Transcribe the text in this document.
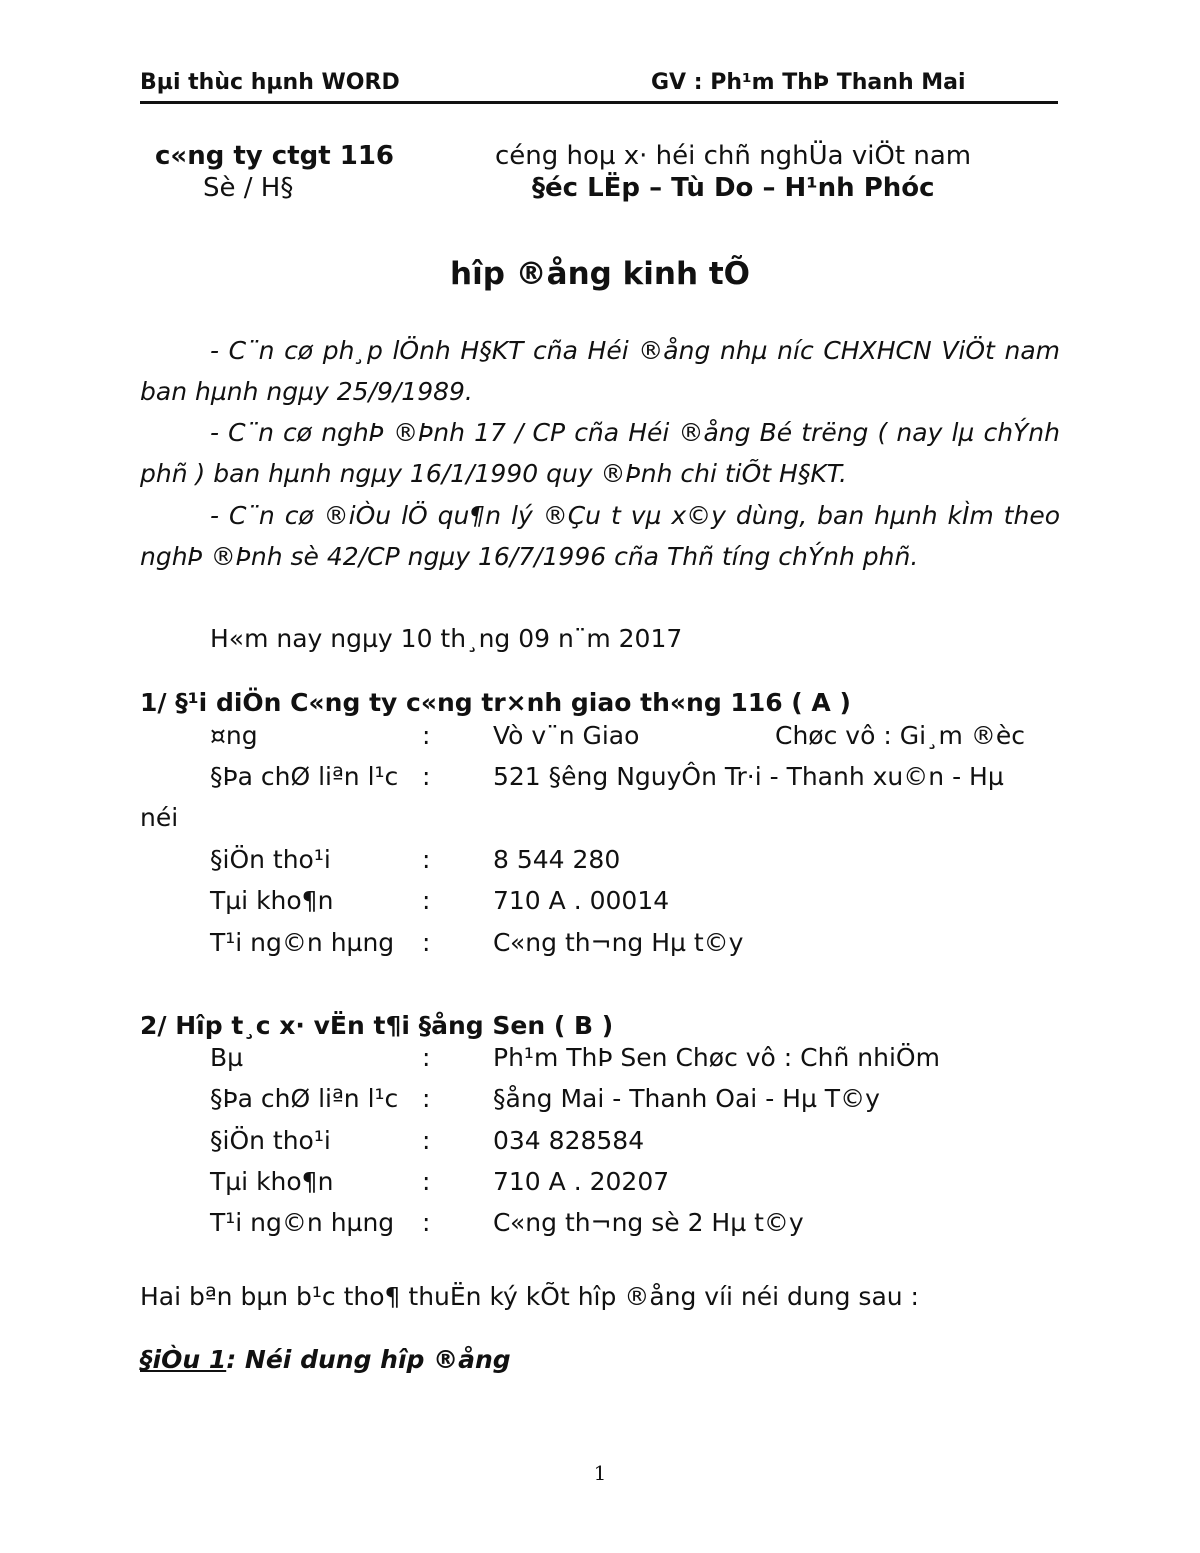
Bµi thùc hµnh WORD	GV : Ph¹m ThÞ Thanh Mai
c«ng ty ctgt 116	céng hoµ x· héi chñ nghÜa viÖt nam
Sè / H§	§éc LËp – Tù Do – H¹nh Phóc
hîp ®ång kinh tÕ
- C¨n cø ph¸p lÖnh H§KT cña Héi ®ång nhµ níc CHXHCN ViÖt nam ban hµnh ngµy 25/9/1989.
- C¨n cø nghÞ ®Þnh 17 / CP cña Héi ®ång Bé trëng ( nay lµ chÝnh phñ ) ban hµnh ngµy 16/1/1990 quy ®Þnh chi tiÕt H§KT.
- C¨n cø ®iÒu lÖ qu¶n lý ®Çu t vµ x©y dùng, ban hµnh kÌm theo nghÞ ®Þnh sè 42/CP ngµy 16/7/1996 cña Thñ tíng chÝnh phñ.
H«m nay ngµy 10 th¸ng 09 n¨m 2017
1/ §¹i diÖn C«ng ty c«ng tr×nh giao th«ng 116 ( A )
¤ng	:	Vò v¨n Giao	Chøc vô : Gi¸m ®èc
§Þa chØ liªn l¹c :	521 §êng NguyÔn Tr·i - Thanh xu©n - Hµ
néi
§iÖn tho¹i	:	8 544 280
Tµi kho¶n	:	710 A . 00014
T¹i ng©n hµng :	C«ng th¬ng Hµ t©y
2/ Hîp t¸c x· vËn t¶i §ång Sen ( B )
Bµ	:	Ph¹m ThÞ Sen Chøc vô : Chñ nhiÖm
§Þa chØ liªn l¹c :	§ång Mai - Thanh Oai - Hµ T©y
§iÖn tho¹i	:	034 828584
Tµi kho¶n	:	710 A . 20207
T¹i ng©n hµng :	C«ng th¬ng sè 2 Hµ t©y
Hai bªn bµn b¹c tho¶ thuËn ký kÕt hîp ®ång víi néi dung sau :
§iÒu 1: Néi dung hîp ®ång
1
